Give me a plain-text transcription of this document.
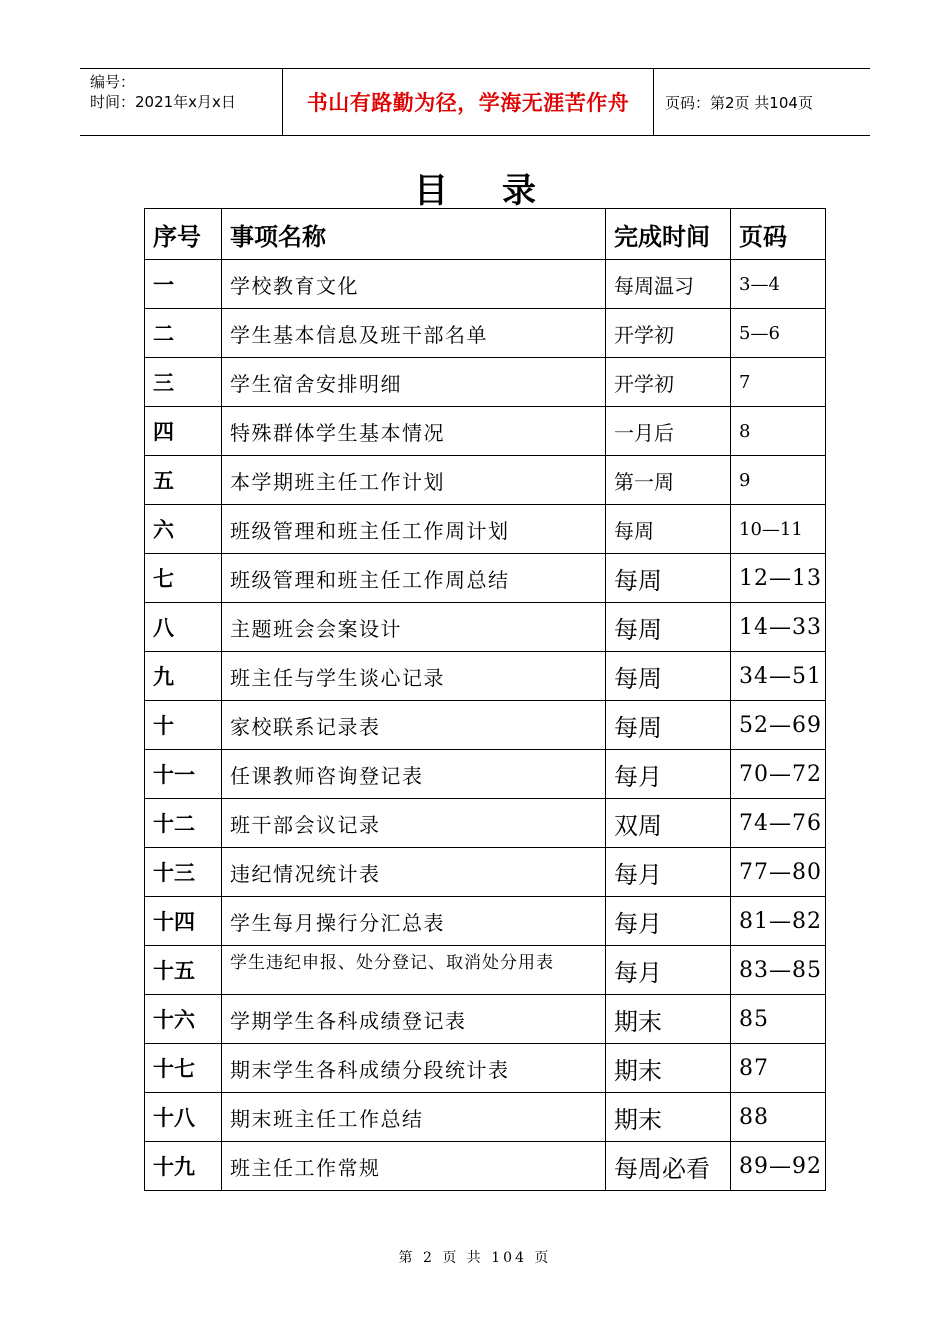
编号：
时间：2021年x月x日	书山有路勤为径，学海无涯苦作舟 页码：第2页 共104页
目录
序号	事项名称	完成时间	页码
一	学校教育文化	每周温习	3—4
二	学生基本信息及班干部名单	开学初	5—6
三	学生宿舍安排明细	开学初	7
四	特殊群体学生基本情况	一月后	8
五	本学期班主任工作计划	第一周	9
六	班级管理和班主任工作周计划	每周	10—11
七	班级管理和班主任工作周总结	每周	12—13
八	主题班会会案设计	每周	14—33
九	班主任与学生谈心记录	每周	34—51
十	家校联系记录表	每周	52—69
十一	任课教师咨询登记表	每月	70—72
十二	班干部会议记录	双周	74—76
十三	违纪情况统计表	每月	77—80
十四	学生每月操行分汇总表	每月	81—82
十五	学生违纪申报、处分登记、取消处分用表	每月	83—85
十六	学期学生各科成绩登记表	期末	85
十七	期末学生各科成绩分段统计表	期末	87
十八	期末班主任工作总结	期末	88
十九	班主任工作常规	每周必看	89—92
第 2 页 共 104 页
